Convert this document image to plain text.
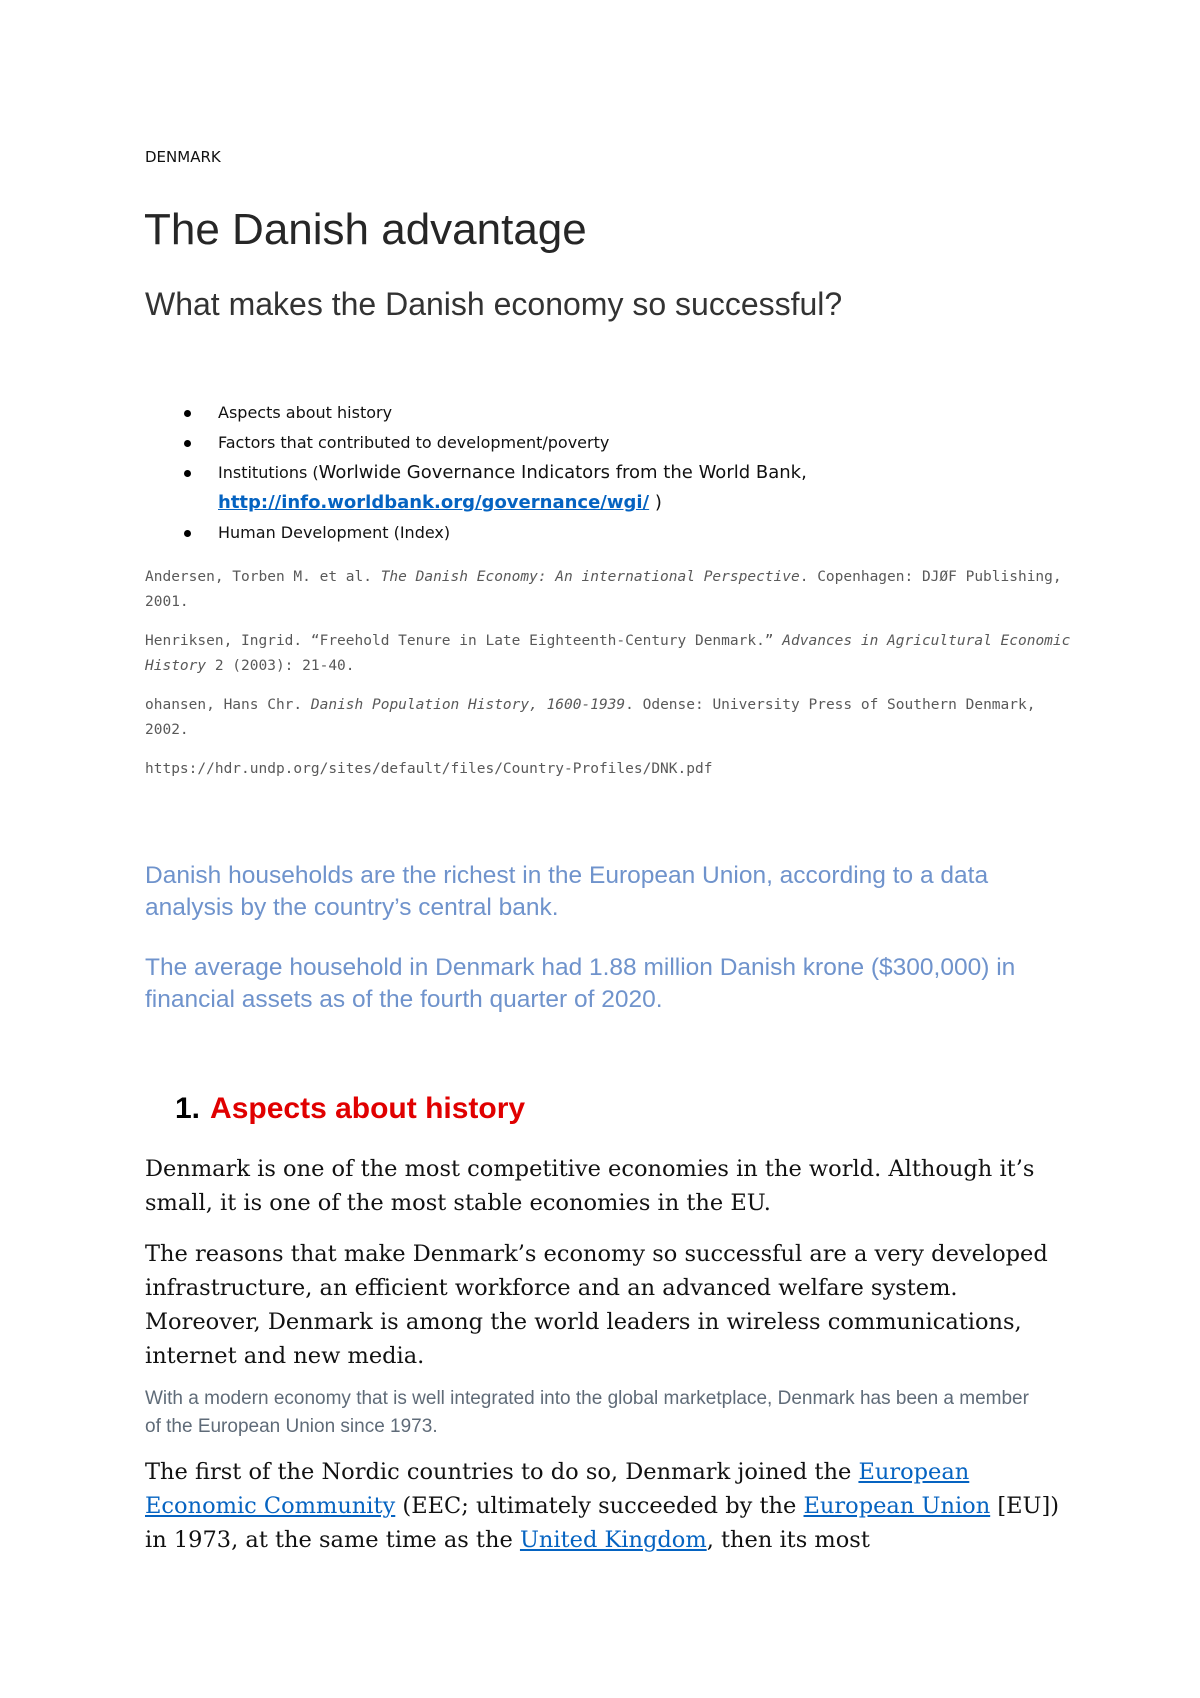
DENMARK
The Danish advantage
What makes the Danish economy so successful?
Aspects about history
Factors that contributed to development/poverty
Institutions (Worlwide Governance Indicators from the World Bank,
http://info.worldbank.org/governance/wgi/ )
Human Development (Index)

Andersen, Torben M. et al. The Danish Economy: An international Perspective. Copenhagen: DJØF Publishing, 2001.

Henriksen, Ingrid. “Freehold Tenure in Late Eighteenth-Century Denmark.” Advances in Agricultural Economic History 2 (2003): 21-40.

ohansen, Hans Chr. Danish Population History, 1600-1939. Odense: University Press of Southern Denmark, 2002.

https://hdr.undp.org/sites/default/files/Country-Profiles/DNK.pdf

Danish households are the richest in the European Union, according to a data analysis by the country’s central bank.

The average household in Denmark had 1.88 million Danish krone ($300,000) in financial assets as of the fourth quarter of 2020.

1. Aspects about history

Denmark is one of the most competitive economies in the world. Although it’s small, it is one of the most stable economies in the EU.

The reasons that make Denmark’s economy so successful are a very developed infrastructure, an efficient workforce and an advanced welfare system. Moreover, Denmark is among the world leaders in wireless communications, internet and new media.

With a modern economy that is well integrated into the global marketplace, Denmark has been a member of the European Union since 1973.

The first of the Nordic countries to do so, Denmark joined the European Economic Community (EEC; ultimately succeeded by the European Union [EU]) in 1973, at the same time as the United Kingdom, then its most
